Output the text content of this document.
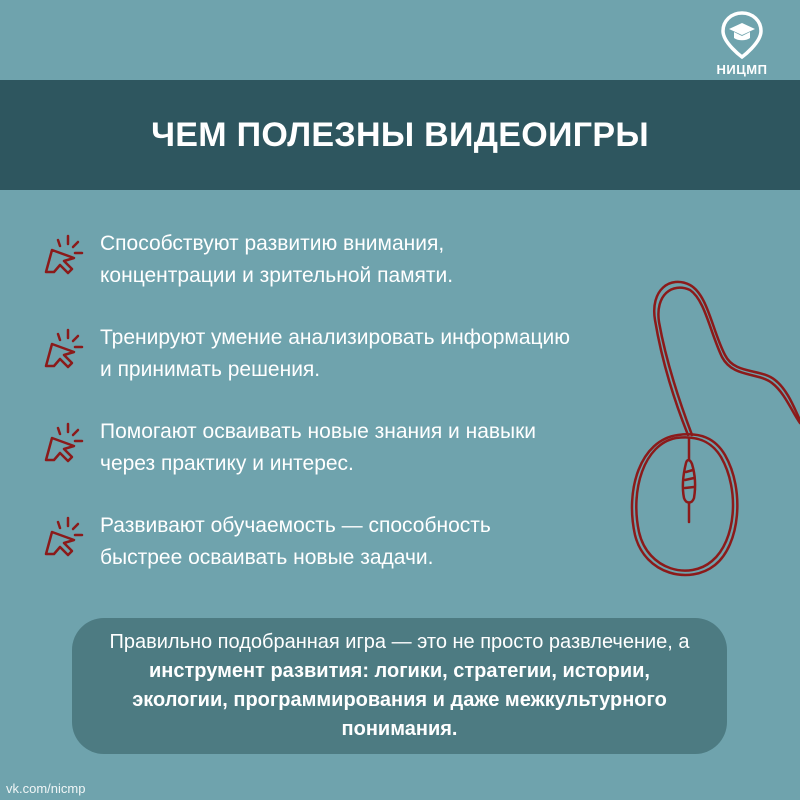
НИЦМП
ЧЕМ ПОЛЕЗНЫ ВИДЕОИГРЫ
Способствуют развитию внимания,
концентрации и зрительной памяти.
Тренируют умение анализировать информацию
и принимать решения.
Помогают осваивать новые знания и навыки
через практику и интерес.
Развивают обучаемость — способность
быстрее осваивать новые задачи.
Правильно подобранная игра — это не просто развлечение, а инструмент развития: логики, стратегии, истории, экологии, программирования и даже межкультурного понимания.
vk.com/nicmp
